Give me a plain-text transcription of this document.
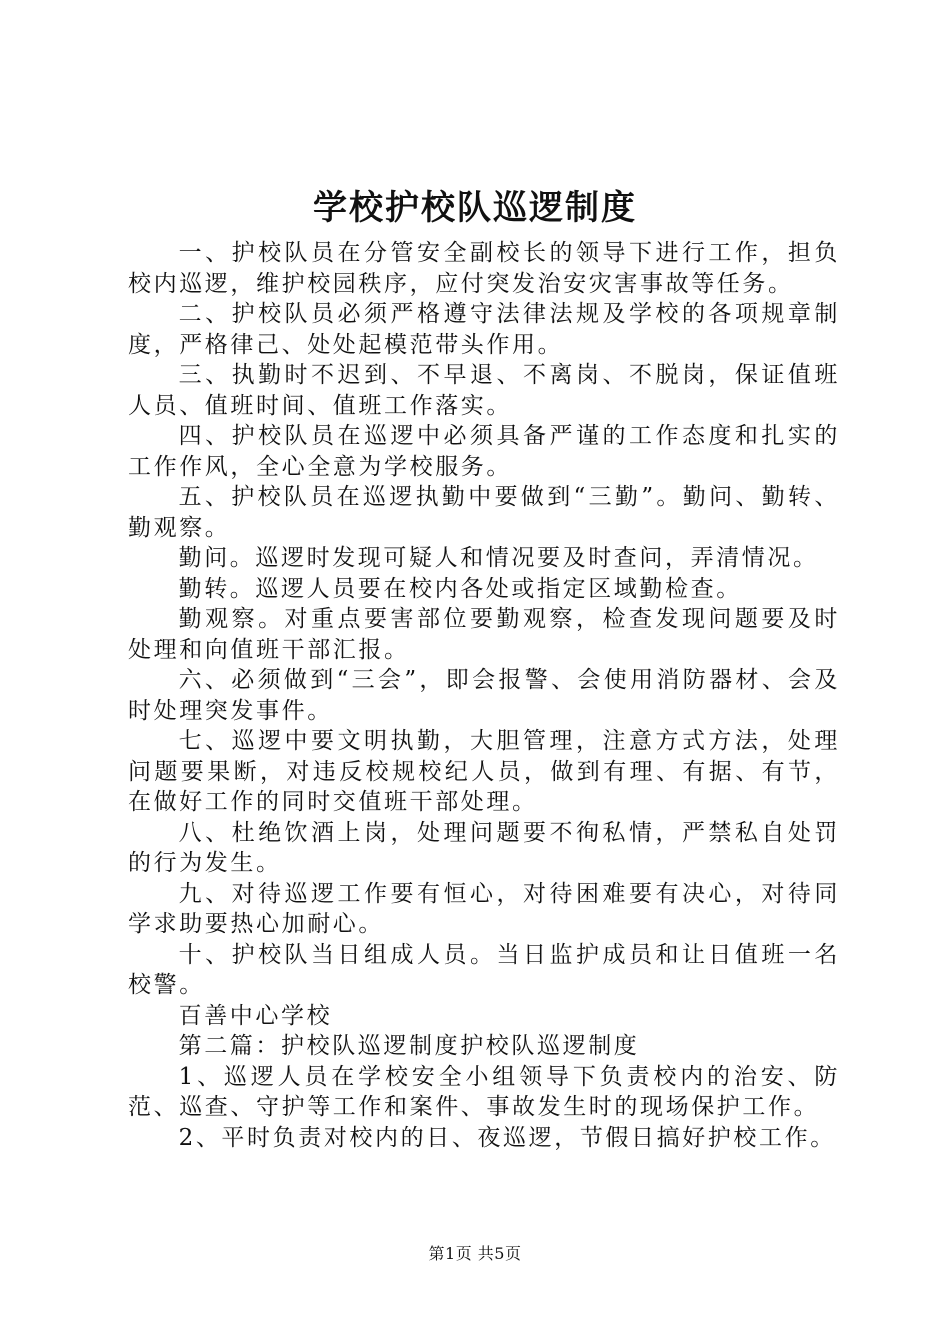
学校护校队巡逻制度

一、护校队员在分管安全副校长的领导下进行工作，担负校内巡逻，维护校园秩序，应付突发治安灾害事故等任务。

二、护校队员必须严格遵守法律法规及学校的各项规章制度，严格律己、处处起模范带头作用。

三、执勤时不迟到、不早退、不离岗、不脱岗，保证值班人员、值班时间、值班工作落实。

四、护校队员在巡逻中必须具备严谨的工作态度和扎实的工作作风，全心全意为学校服务。

五、护校队员在巡逻执勤中要做到“三勤”。勤问、勤转、勤观察。

勤问。巡逻时发现可疑人和情况要及时查问，弄清情况。

勤转。巡逻人员要在校内各处或指定区域勤检查。

勤观察。对重点要害部位要勤观察，检查发现问题要及时处理和向值班干部汇报。

六、必须做到“三会”，即会报警、会使用消防器材、会及时处理突发事件。

七、巡逻中要文明执勤，大胆管理，注意方式方法，处理问题要果断，对违反校规校纪人员，做到有理、有据、有节，在做好工作的同时交值班干部处理。

八、杜绝饮酒上岗，处理问题要不徇私情，严禁私自处罚的行为发生。

九、对待巡逻工作要有恒心，对待困难要有决心，对待同学求助要热心加耐心。

十、护校队当日组成人员。当日监护成员和让日值班一名校警。

百善中心学校

第二篇：护校队巡逻制度护校队巡逻制度

1、巡逻人员在学校安全小组领导下负责校内的治安、防范、巡查、守护等工作和案件、事故发生时的现场保护工作。

2、平时负责对校内的日、夜巡逻，节假日搞好护校工作。

第1页 共5页
